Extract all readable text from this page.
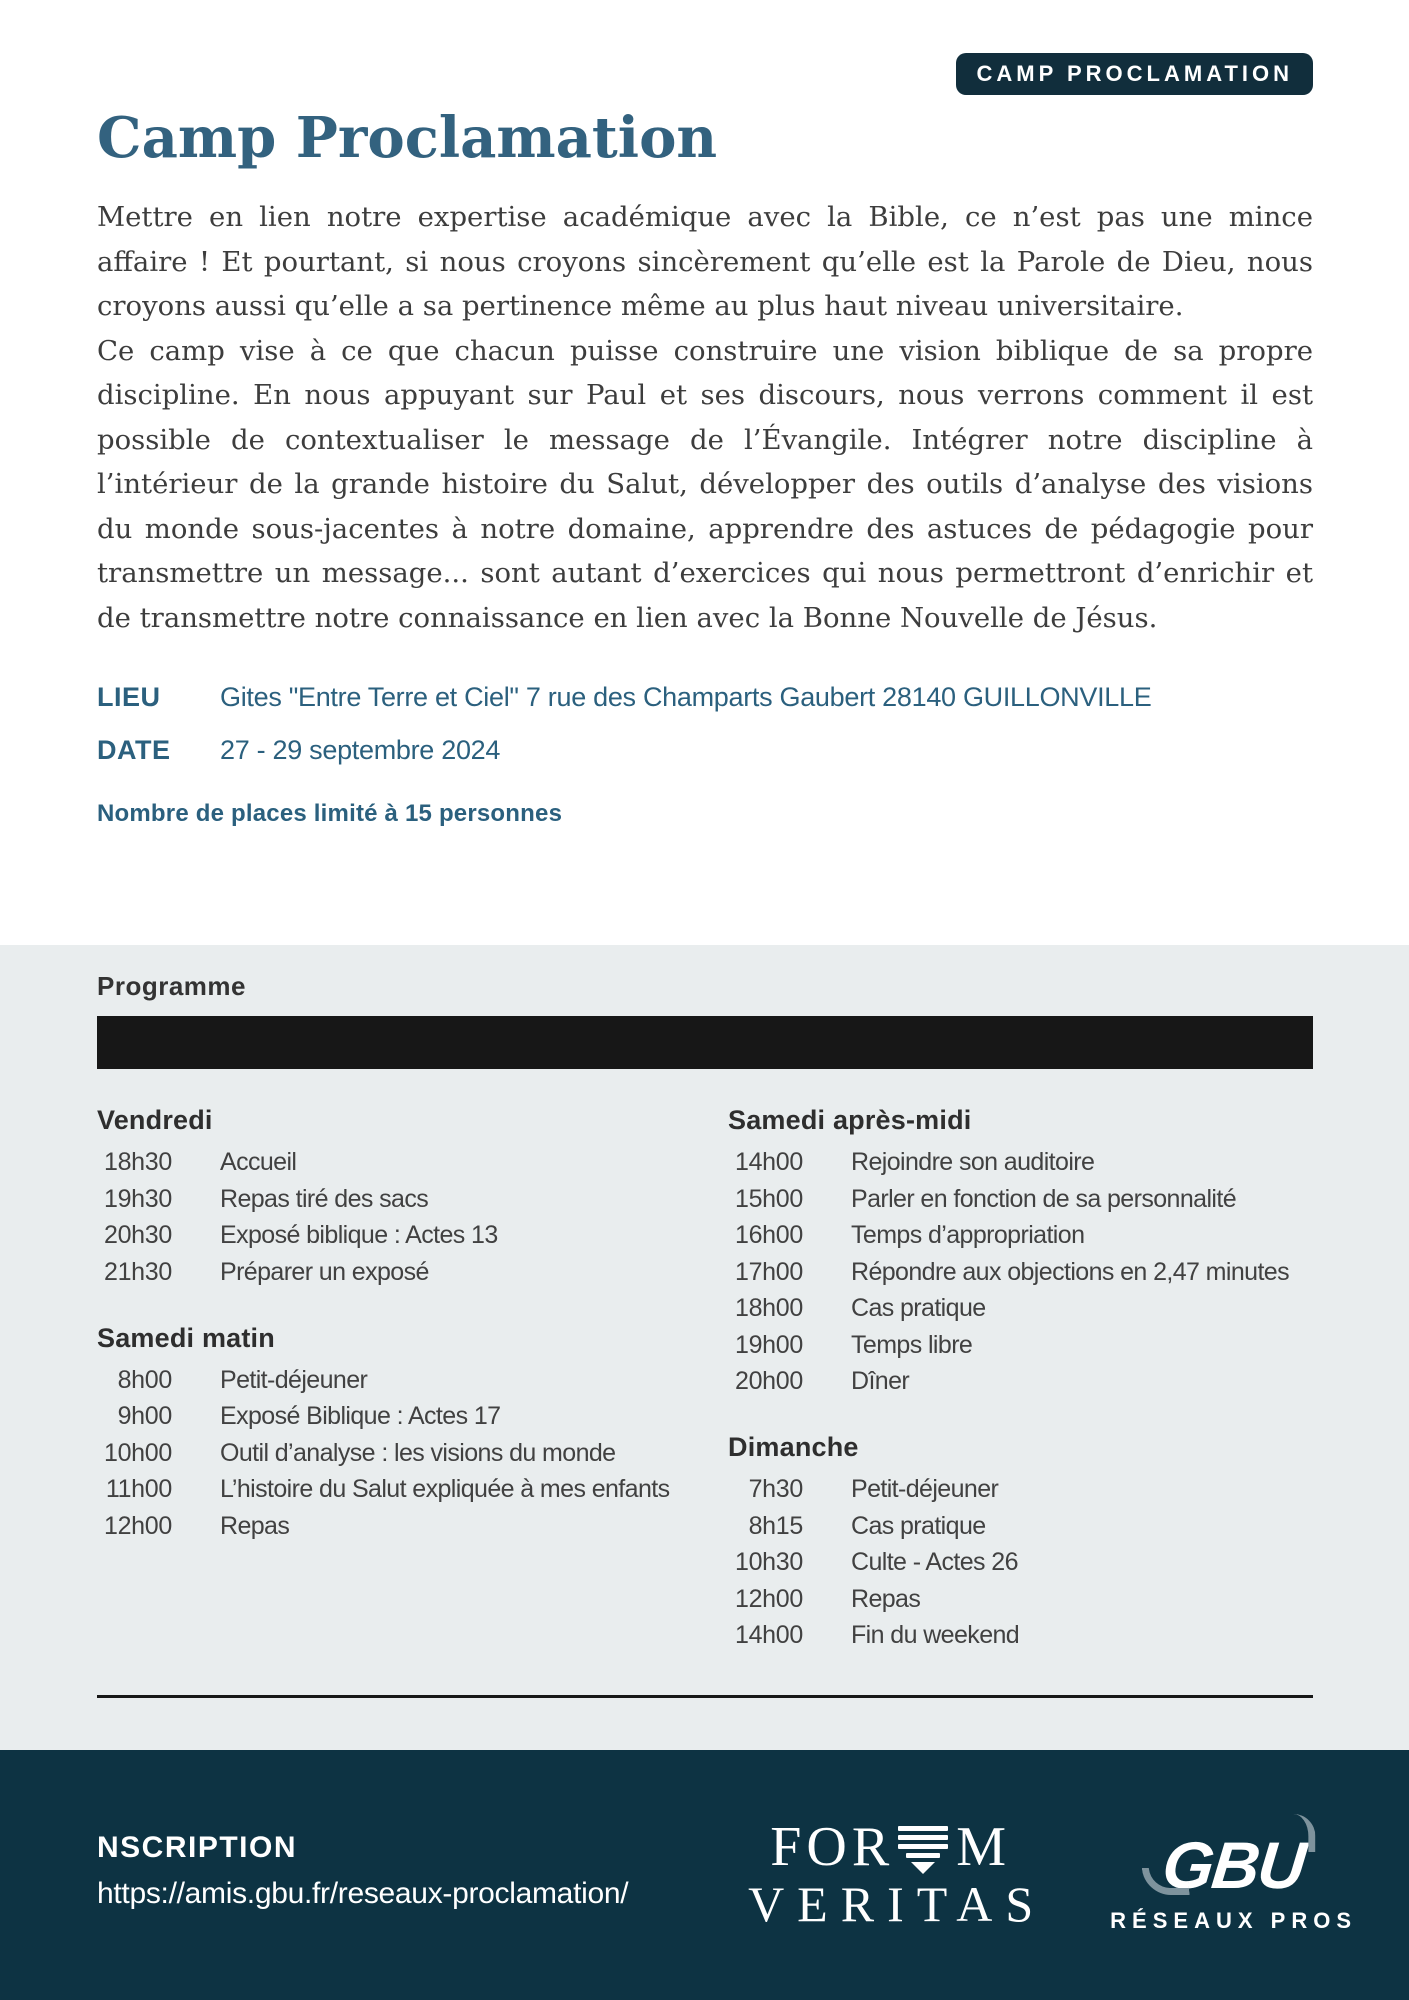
CAMP PROCLAMATION
Camp Proclamation

Mettre en lien notre expertise académique avec la Bible, ce n’est pas une mince affaire ! Et pourtant, si nous croyons sincèrement qu’elle est la Parole de Dieu, nous croyons aussi qu’elle a sa pertinence même au plus haut niveau universitaire.

Ce camp vise à ce que chacun puisse construire une vision biblique de sa propre discipline. En nous appuyant sur Paul et ses discours, nous verrons comment il est possible de contextualiser le message de l’Évangile. Intégrer notre discipline à l’intérieur de la grande histoire du Salut, développer des outils d’analyse des visions du monde sous-jacentes à notre domaine, apprendre des astuces de pédagogie pour transmettre un message... sont autant d’exercices qui nous permettront d’enrichir et de transmettre notre connaissance en lien avec la Bonne Nouvelle de Jésus.

LIEU	Gites "Entre Terre et Ciel" 7 rue des Champarts Gaubert 28140 GUILLONVILLE
DATE	27 - 29 septembre 2024

Nombre de places limité à 15 personnes

Programme
Vendredi
18h30 Accueil
19h30 Repas tiré des sacs
20h30 Exposé biblique : Actes 13
21h30 Préparer un exposé
Samedi matin
8h00 Petit-déjeuner
9h00 Exposé Biblique : Actes 17
10h00 Outil d’analyse : les visions du monde
11h00 L’histoire du Salut expliquée à mes enfants
12h00 Repas
Samedi après-midi
14h00 Rejoindre son auditoire
15h00 Parler en fonction de sa personnalité
16h00 Temps d’appropriation
17h00 Répondre aux objections en 2,47 minutes
18h00 Cas pratique
19h00 Temps libre
20h00 Dîner
Dimanche
7h30 Petit-déjeuner
8h15 Cas pratique
10h30 Culte - Actes 26
12h00 Repas
14h00 Fin du weekend
NSCRIPTION
https://amis.gbu.fr/reseaux-proclamation/
FOR M
VERITAS
GBU
RÉSEAUX PROS
